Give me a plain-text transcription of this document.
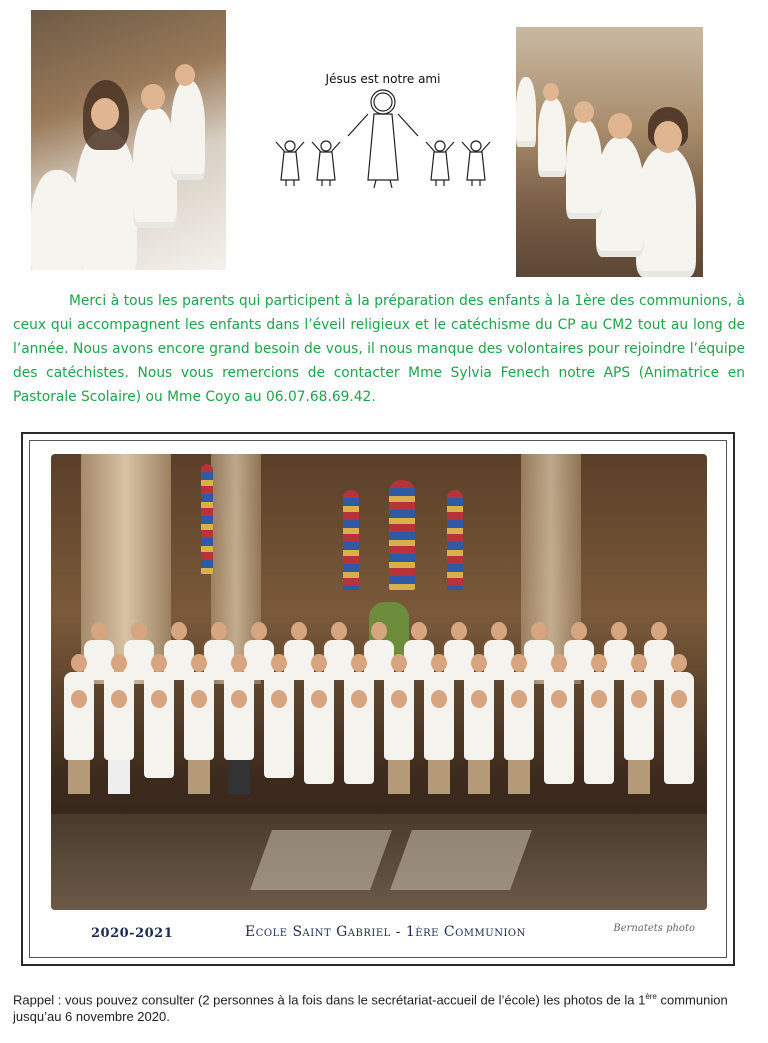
Jésus est notre ami

Merci à tous les parents qui participent à la préparation des enfants à la 1ère des communions, à ceux qui accompagnent les enfants dans l’éveil religieux et le catéchisme du CP au CM2 tout au long de l’année. Nous avons encore grand besoin de vous, il nous manque des volontaires pour rejoindre l’équipe des catéchistes. Nous vous remercions de contacter Mme Sylvia Fenech notre APS (Animatrice en Pastorale Scolaire) ou Mme Coyo au 06.07.68.69.42.

2020-2021	Ecole Saint Gabriel - 1ère Communion	Bernatets photo

Rappel : vous pouvez consulter (2 personnes à la fois dans le secrétariat-accueil de l’école) les photos de la 1ère communion jusqu’au 6 novembre 2020.
